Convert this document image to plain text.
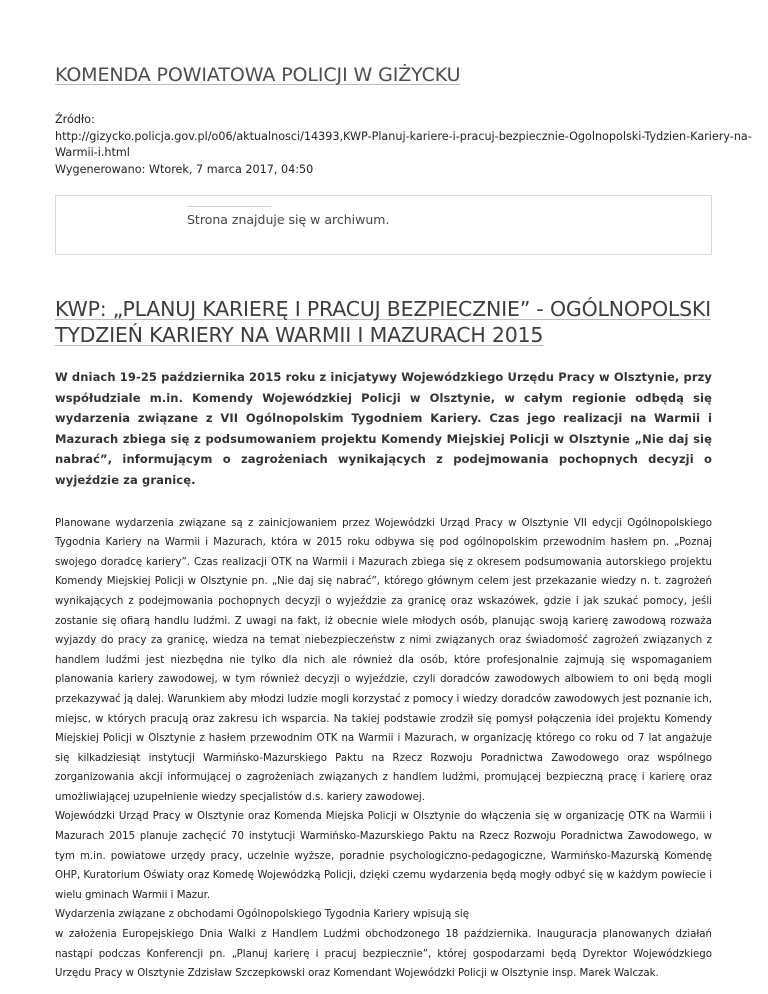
KOMENDA POWIATOWA POLICJI W GIŻYCKU
Źródło:
http://gizycko.policja.gov.pl/o06/aktualnosci/14393,KWP-Planuj-kariere-i-pracuj-bezpiecznie-Ogolnopolski-Tydzien-Kariery-na-
Warmii-i.html
Wygenerowano: Wtorek, 7 marca 2017, 04:50
Strona znajduje się w archiwum.
KWP: „PLANUJ KARIERĘ I PRACUJ BEZPIECZNIE” - OGÓLNOPOLSKI TYDZIEŃ KARIERY NA WARMII I MAZURACH 2015
W dniach 19-25 października 2015 roku z inicjatywy Wojewódzkiego Urzędu Pracy w Olsztynie, przy współudziale m.in. Komendy Wojewódzkiej Policji w Olsztynie, w całym regionie odbędą się wydarzenia związane z VII Ogólnopolskim Tygodniem Kariery. Czas jego realizacji na Warmii i Mazurach zbiega się z podsumowaniem projektu Komendy Miejskiej Policji w Olsztynie „Nie daj się nabrać”, informującym o zagrożeniach wynikających z podejmowania pochopnych decyzji o wyjeździe za granicę.

Planowane wydarzenia związane są z zainicjowaniem przez Wojewódzki Urząd Pracy w Olsztynie VII edycji Ogólnopolskiego Tygodnia Kariery na Warmii i Mazurach, która w 2015 roku odbywa się pod ogólnopolskim przewodnim hasłem pn. „Poznaj swojego doradcę kariery”. Czas realizacji OTK na Warmii i Mazurach zbiega się z okresem podsumowania autorskiego projektu Komendy Miejskiej Policji w Olsztynie pn. „Nie daj się nabrać”, którego głównym celem jest przekazanie wiedzy n. t. zagrożeń wynikających z podejmowania pochopnych decyzji o wyjeździe za granicę oraz wskazówek, gdzie i jak szukać pomocy, jeśli zostanie się ofiarą handlu ludźmi. Z uwagi na fakt, iż obecnie wiele młodych osób, planując swoją karierę zawodową rozważa wyjazdy do pracy za granicę, wiedza na temat niebezpieczeństw z nimi związanych oraz świadomość zagrożeń związanych z handlem ludźmi jest niezbędna nie tylko dla nich ale również dla osób, które profesjonalnie zajmują się wspomaganiem planowania kariery zawodowej, w tym również decyzji o wyjeździe, czyli doradców zawodowych albowiem to oni będą mogli przekazywać ją dalej. Warunkiem aby młodzi ludzie mogli korzystać z pomocy i wiedzy doradców zawodowych jest poznanie ich, miejsc, w których pracują oraz zakresu ich wsparcia. Na takiej podstawie zrodził się pomysł połączenia idei projektu Komendy Miejskiej Policji w Olsztynie z hasłem przewodnim OTK na Warmii i Mazurach, w organizację którego co roku od 7 lat angażuje się kilkadziesiąt instytucji Warmińsko-Mazurskiego Paktu na Rzecz Rozwoju Poradnictwa Zawodowego oraz wspólnego zorganizowania akcji informującej o zagrożeniach związanych z handlem ludźmi, promującej bezpieczną pracę i karierę oraz umożliwiającej uzupełnienie wiedzy specjalistów d.s. kariery zawodowej.

Wojewódzki Urząd Pracy w Olsztynie oraz Komenda Miejska Policji w Olsztynie do włączenia się w organizację OTK na Warmii i Mazurach 2015 planuje zachęcić 70 instytucji Warmińsko-Mazurskiego Paktu na Rzecz Rozwoju Poradnictwa Zawodowego, w tym m.in. powiatowe urzędy pracy, uczelnie wyższe, poradnie psychologiczno-pedagogiczne, Warmińsko-Mazurską Komendę OHP, Kuratorium Oświaty oraz Komedę Wojewódzką Policji, dzięki czemu wydarzenia będą mogły odbyć się w każdym powiecie i wielu gminach Warmii i Mazur.

Wydarzenia związane z obchodami Ogólnopolskiego Tygodnia Kariery wpisują się

w założenia Europejskiego Dnia Walki z Handlem Ludźmi obchodzonego 18 października. Inauguracja planowanych działań nastąpi podczas Konferencji pn. „Planuj karierę i pracuj bezpiecznie”, której gospodarzami będą Dyrektor Wojewódzkiego Urzędu Pracy w Olsztynie Zdzisław Szczepkowski oraz Komendant Wojewódzki Policji w Olsztynie insp. Marek Walczak.
